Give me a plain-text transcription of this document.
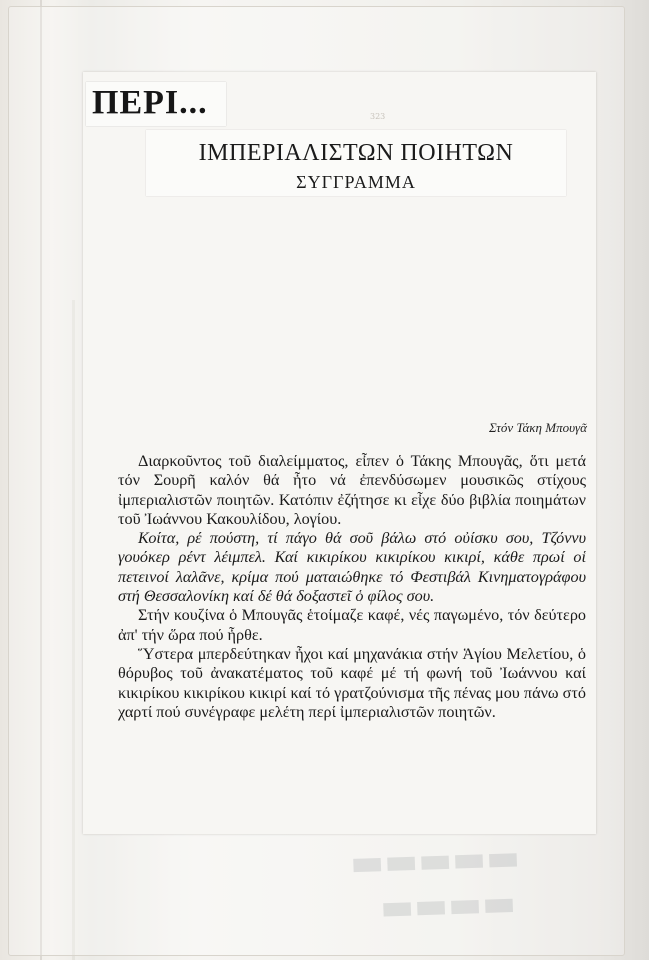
▬▬▬▬▬
▬▬▬▬
ΠΕΡΙ...
ΙΜΠΕΡΙΑΛΙΣΤΩΝ ΠΟΙΗΤΩΝ
ΣΥΓΓΡΑΜΜΑ
323
Στόν Τάκη Μπουγᾶ

Διαρκοῦντος τοῦ διαλείμματος, εἶπεν ὁ Τάκης Μπουγᾶς, ὅτι μετά τόν Σουρῆ καλόν θά ἦτο νά ἐπενδύσωμεν μουσικῶς στίχους ἰμπεριαλιστῶν ποιητῶν. Κατόπιν ἐζήτησε κι εἶχε δύο βιβλία ποιημάτων τοῦ Ἰωάννου Κακουλίδου, λογίου.

Κοίτα, ρέ πούστη, τί πάγο θά σοῦ βάλω στό οὐίσκυ σου, Τζόννυ γουόκερ ρέντ λέιμπελ. Καί κικιρίκου κικιρίκου κικιρί, κάθε πρωί οἱ πετεινοί λαλᾶνε, κρίμα πού ματαιώθηκε τό Φεστιβάλ Κινηματογράφου στή Θεσσαλονίκη καί δέ θά δοξαστεῖ ὁ φίλος σου.

Στήν κουζίνα ὁ Μπουγᾶς ἑτοίμαζε καφέ, νές παγωμένο, τόν δεύτερο ἀπ' τήν ὥρα πού ἦρθε.

Ὕστερα μπερδεύτηκαν ἦχοι καί μηχανάκια στήν Ἁγίου Μελετίου, ὁ θόρυβος τοῦ ἀνακατέματος τοῦ καφέ μέ τή φωνή τοῦ Ἰωάννου καί κικιρίκου κικιρίκου κικιρί καί τό γρατζούνισμα τῆς πένας μου πάνω στό χαρτί πού συνέγραφε μελέτη περί ἰμπεριαλιστῶν ποιητῶν.
